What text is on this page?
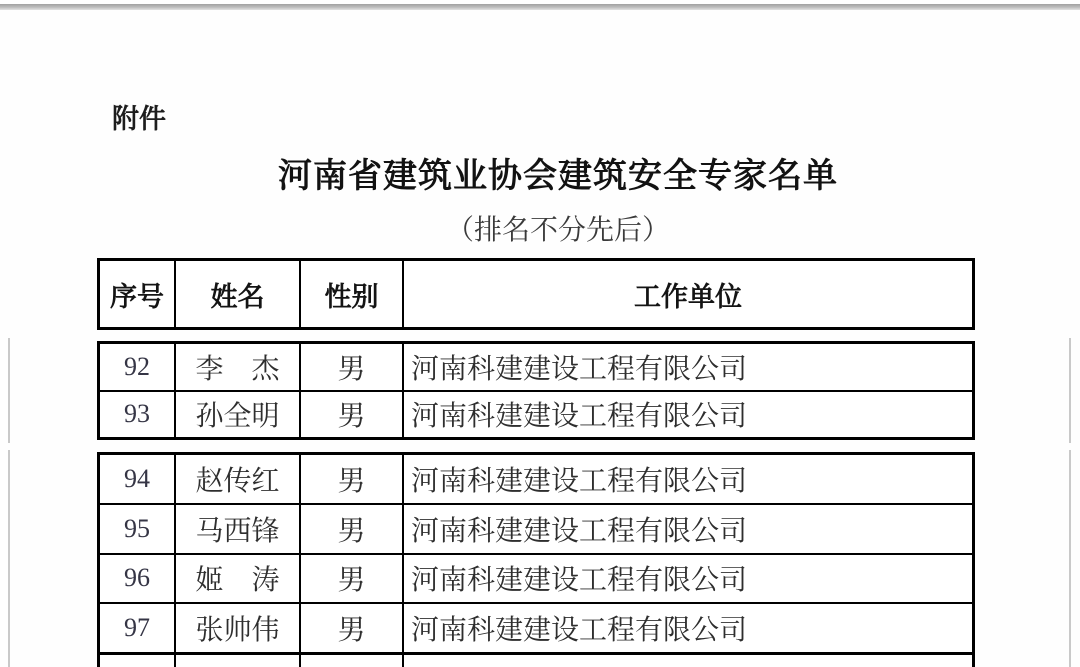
附件
河南省建筑业协会建筑安全专家名单
（排名不分先后）
序号	姓名	性别	工作单位
92	李　杰	男	河南科建建设工程有限公司
93	孙全明	男	河南科建建设工程有限公司
94	赵传红	男	河南科建建设工程有限公司
95	马西锋	男	河南科建建设工程有限公司
96	姬　涛	男	河南科建建设工程有限公司
97	张帅伟	男	河南科建建设工程有限公司
